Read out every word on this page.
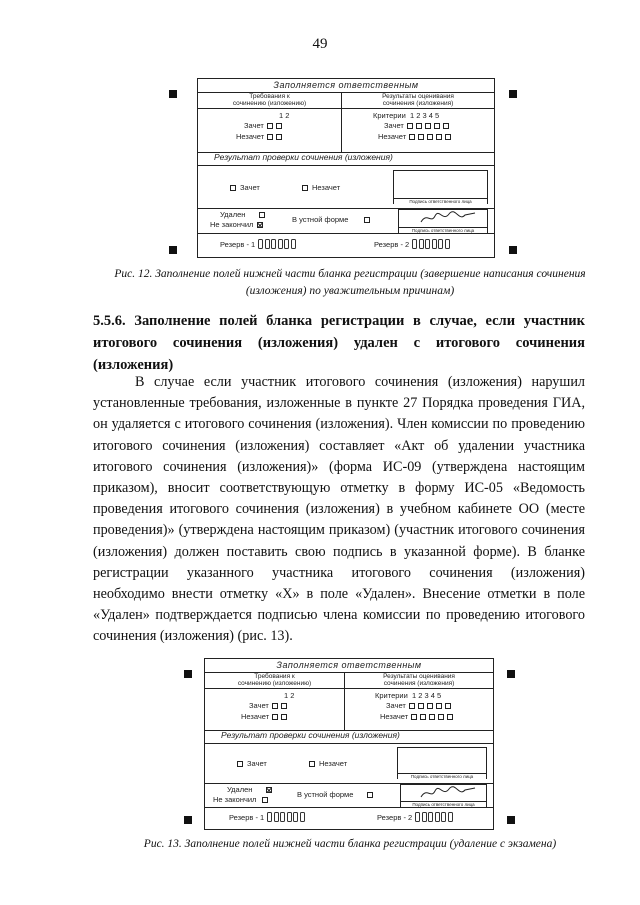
49
Заполняется ответственным
Требования к
сочинению (изложению)
Результаты оценивания
сочинения (изложения)
1 2
Зачет
Незачет
Критерии 1 2 3 4 5
Зачет
Незачет
Результат проверки сочинения (изложения)
Зачет	Незачет
Подпись ответственного лица
Удален
Не закончил
В устной форме
Подпись ответственного лица
Резерв - 1	Резерв - 2
Рис. 12. Заполнение полей нижней части бланка регистрации (завершение написания сочинения (изложения) по уважительным причинам)
5.5.6. Заполнение полей бланка регистрации в случае, если участник итогового сочинения (изложения) удален с итогового сочинения (изложения)
В случае если участник итогового сочинения (изложения) нарушил установленные требования, изложенные в пункте 27 Порядка проведения ГИА, он удаляется с итогового сочинения (изложения). Член комиссии по проведению итогового сочинения (изложения) составляет «Акт об удалении участника итогового сочинения (изложения)» (форма ИС-09 (утверждена настоящим приказом), вносит соответствующую отметку в форму ИС-05 «Ведомость проведения итогового сочинения (изложения) в учебном кабинете ОО (месте проведения)» (утверждена настоящим приказом) (участник итогового сочинения (изложения) должен поставить свою подпись в указанной форме). В бланке регистрации указанного участника итогового сочинения (изложения) необходимо внести отметку «X» в поле «Удален». Внесение отметки в поле «Удален» подтверждается подписью члена комиссии по проведению итогового сочинения (изложения) (рис. 13).
Заполняется ответственным
Требования к
сочинению (изложению)
Результаты оценивания
сочинения (изложения)
1 2
Зачет
Незачет
Критерии 1 2 3 4 5
Зачет
Незачет
Результат проверки сочинения (изложения)
Зачет	Незачет
Подпись ответственного лица
Удален
Не закончил
В устной форме
Подпись ответственного лица
Резерв - 1	Резерв - 2
Рис. 13. Заполнение полей нижней части бланка регистрации (удаление с экзамена)
